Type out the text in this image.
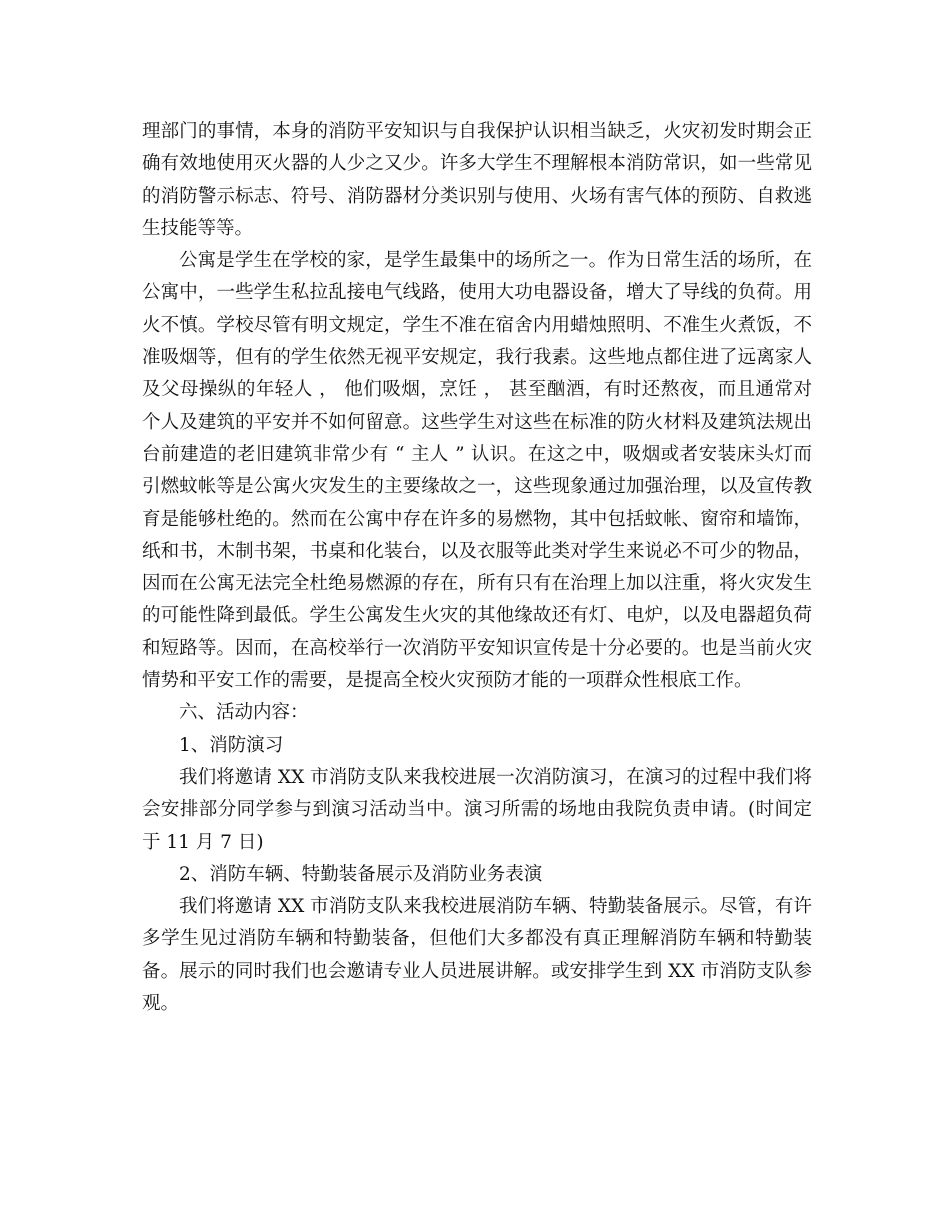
理部门的事情，本身的消防平安知识与自我保护认识相当缺乏，火灾初发时期会正确有效地使用灭火器的人少之又少。许多大学生不理解根本消防常识，如一些常见的消防警示标志、符号、消防器材分类识别与使用、火场有害气体的预防、自救逃生技能等等。

公寓是学生在学校的家，是学生最集中的场所之一。作为日常生活的场所，在公寓中，一些学生私拉乱接电气线路，使用大功电器设备，增大了导线的负荷。用火不慎。学校尽管有明文规定，学生不准在宿舍内用蜡烛照明、不准生火煮饭，不准吸烟等，但有的学生依然无视平安规定，我行我素。这些地点都住进了远离家人及父母操纵的年轻人 ， 他们吸烟，烹饪 ， 甚至酗酒，有时还熬夜，而且通常对个人及建筑的平安并不如何留意。这些学生对这些在标准的防火材料及建筑法规出台前建造的老旧建筑非常少有 “ 主人 ” 认识。在这之中，吸烟或者安装床头灯而引燃蚊帐等是公寓火灾发生的主要缘故之一，这些现象通过加强治理，以及宣传教育是能够杜绝的。然而在公寓中存在许多的易燃物，其中包括蚊帐、窗帘和墙饰，纸和书，木制书架，书桌和化装台，以及衣服等此类对学生来说必不可少的物品，因而在公寓无法完全杜绝易燃源的存在，所有只有在治理上加以注重，将火灾发生的可能性降到最低。学生公寓发生火灾的其他缘故还有灯、电炉，以及电器超负荷和短路等。因而，在高校举行一次消防平安知识宣传是十分必要的。也是当前火灾情势和平安工作的需要，是提高全校火灾预防才能的一项群众性根底工作。

六、活动内容：

1、消防演习

我们将邀请 XX 市消防支队来我校进展一次消防演习，在演习的过程中我们将会安排部分同学参与到演习活动当中。演习所需的场地由我院负责申请。(时间定于 11 月 7 日)

2、消防车辆、特勤装备展示及消防业务表演

我们将邀请 XX 市消防支队来我校进展消防车辆、特勤装备展示。尽管，有许多学生见过消防车辆和特勤装备，但他们大多都没有真正理解消防车辆和特勤装备。展示的同时我们也会邀请专业人员进展讲解。或安排学生到 XX 市消防支队参观。
